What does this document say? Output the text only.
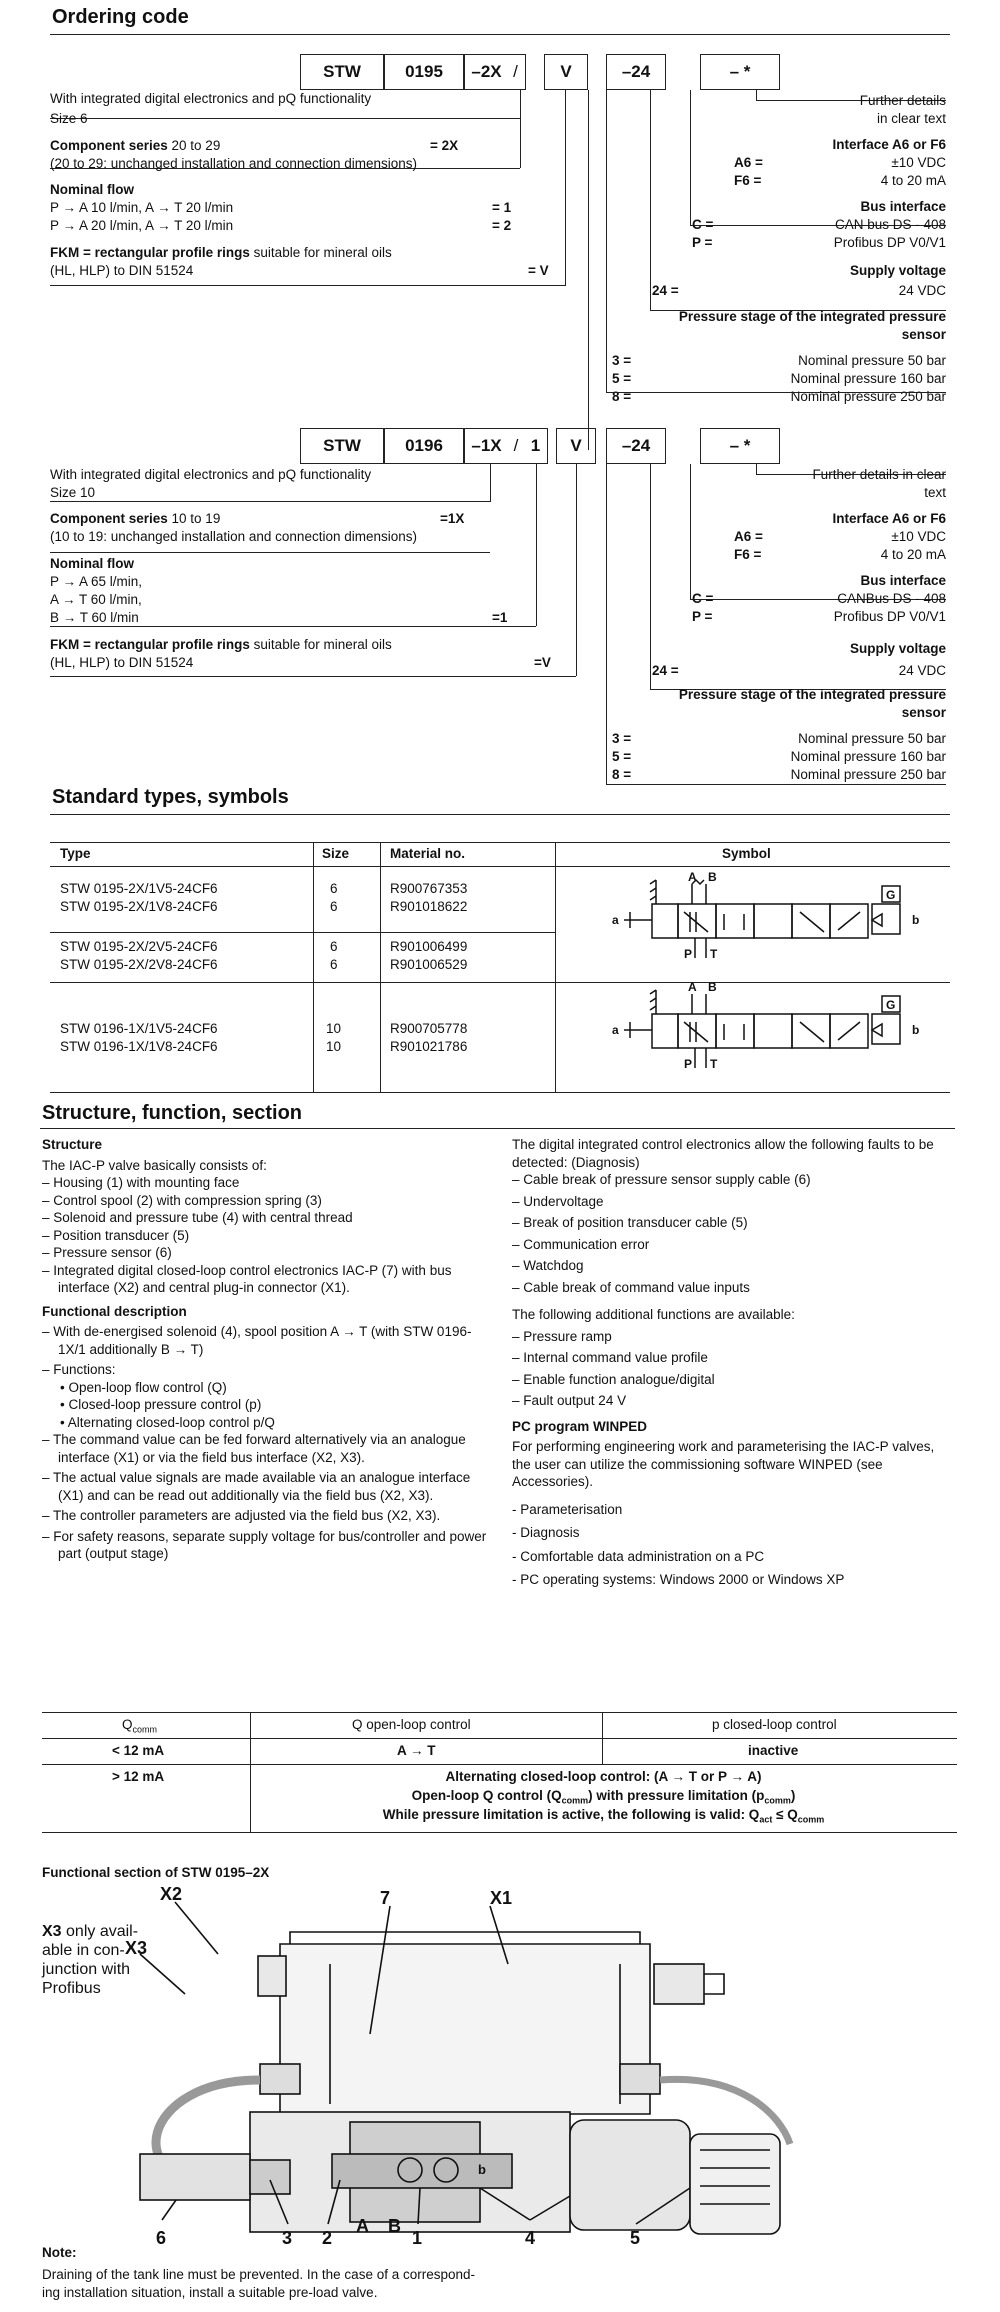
Ordering code
STW	0195	–2X /	V	–24	–
*
With integrated digital electronics and pQ functionality
Size 6
Component series 20 to 29	= 2X
(20 to 29: unchanged installation and connection dimensions)
Nominal flow
P → A 10 l/min, A → T 20 l/min	= 1
P → A 20 l/min, A → T 20 l/min	= 2
FKM = rectangular profile rings suitable for mineral oils
(HL, HLP) to DIN 51524	= V
Further details
in clear text
Interface A6 or F6
A6 =	±10 VDC
F6 =	4 to 20 mA
Bus interface
C =	CAN bus DS - 408
P =	Profibus DP V0/V1
Supply voltage
24 =	24 VDC
Pressure stage of the integrated pressure
sensor
3 =	Nominal pressure 50 bar
5 =	Nominal pressure 160 bar
8 =	Nominal pressure 250 bar
STW	0196	–1X / 1	V	–24	–
*
With integrated digital electronics and pQ functionality
Size 10
Component series 10 to 19	=1X
(10 to 19: unchanged installation and connection dimensions)
Nominal flow
P → A 65 l/min,
A → T 60 l/min,
B → T 60 l/min	=1
FKM = rectangular profile rings suitable for mineral oils
(HL, HLP) to DIN 51524	=V
Further details in clear
text
Interface A6 or F6
A6 =	±10 VDC
F6 =	4 to 20 mA
Bus interface
C =	CANBus DS - 408
P =	Profibus DP V0/V1
Supply voltage
24 =	24 VDC
Pressure stage of the integrated pressure
sensor
3 =	Nominal pressure 50 bar
5 =	Nominal pressure 160 bar
8 =	Nominal pressure 250 bar
Standard types, symbols
Type	Size	Material no.	Symbol
STW 0195-2X/1V5-24CF6	6	R900767353
STW 0195-2X/1V8-24CF6	6	R901018622
STW 0195-2X/2V5-24CF6	6	R901006499
STW 0195-2X/2V8-24CF6	6	R901006529
STW 0196-1X/1V5-24CF6	10	R900705778
STW 0196-1X/1V8-24CF6	10	R901021786
a	b
A B
P T
G
a	b
A B
P T
G
Structure, function, section

Structure

The IAC-P valve basically consists of:

– Housing (1) with mounting face

– Control spool (2) with compression spring (3)

– Solenoid and pressure tube (4) with central thread

– Position transducer (5)

– Pressure sensor (6)

– Integrated digital closed-loop control electronics IAC-P (7) with bus interface (X2) and central plug-in connector (X1).

Functional description

– With de-energised solenoid (4), spool position A → T (with STW 0196-1X/1 additionally B → T)

– Functions:

• Open-loop flow control (Q)

• Closed-loop pressure control (p)

• Alternating closed-loop control p/Q

– The command value can be fed forward alternatively via an analogue interface (X1) or via the field bus interface (X2, X3).

– The actual value signals are made available via an analogue interface (X1) and can be read out additionally via the field bus (X2, X3).

– The controller parameters are adjusted via the field bus (X2, X3).

– For safety reasons, separate supply voltage for bus/controller and power part (output stage)

The digital integrated control electronics allow the following faults to be detected: (Diagnosis)

– Cable break of pressure sensor supply cable (6)

– Undervoltage

– Break of position transducer cable (5)

– Communication error

– Watchdog

– Cable break of command value inputs

The following additional functions are available:

– Pressure ramp

– Internal command value profile

– Enable function analogue/digital

– Fault output 24 V

PC program WINPED

For performing engineering work and parameterising the IAC-P valves, the user can utilize the commissioning software WINPED (see Accessories).

- Parameterisation

- Diagnosis

- Comfortable data administration on a PC

- PC operating systems: Windows 2000 or Windows XP

$Q_{comm}$	Q open-loop control	p closed-loop control
< 12 mA	A → T	inactive
> 12 mA	Alternating closed-loop control: (A → T or P → A)
Open-loop Q control $(Q_{comm})$ with pressure limitation $(p_{comm})$
While pressure limitation is active, the following is valid: $Q_{act} \le Q_{comm}$
Functional section of STW 0195–2X
X3 only avail-
able in con-
junction with
Profibus
X2
X3
7	X1
6	3 2
A B
1	4	5
b
Note:
Draining of the tank line must be prevented. In the case of a correspond-
ing installation situation, install a suitable pre-load valve.
